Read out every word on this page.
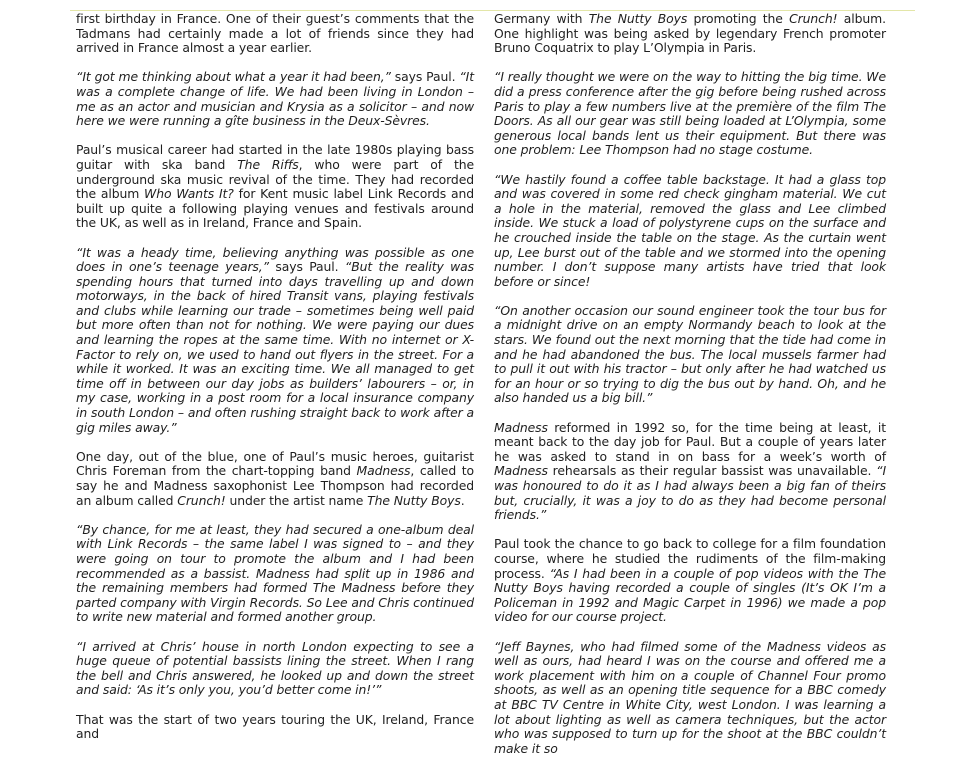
first birthday in France. One of their guest’s comments that the Tadmans had certainly made a lot of friends since they had arrived in France almost a year earlier.

“It got me thinking about what a year it had been,” says Paul. “It was a complete change of life. We had been living in London – me as an actor and musician and Krysia as a solicitor – and now here we were running a gîte business in the Deux-Sèvres.

Paul’s musical career had started in the late 1980s playing bass guitar with ska band The Riffs, who were part of the underground ska music revival of the time. They had recorded the album Who Wants It? for Kent music label Link Records and built up quite a following playing venues and festivals around the UK, as well as in Ireland, France and Spain.

“It was a heady time, believing anything was possible as one does in one’s teenage years,” says Paul. “But the reality was spending hours that turned into days travelling up and down motorways, in the back of hired Transit vans, playing festivals and clubs while learning our trade – sometimes being well paid but more often than not for nothing. We were paying our dues and learning the ropes at the same time. With no internet or X-Factor to rely on, we used to hand out flyers in the street. For a while it worked. It was an exciting time. We all managed to get time off in between our day jobs as builders’ labourers – or, in my case, working in a post room for a local insurance company in south London – and often rushing straight back to work after a gig miles away.”

One day, out of the blue, one of Paul’s music heroes, guitarist Chris Foreman from the chart-topping band Madness, called to say he and Madness saxophonist Lee Thompson had recorded an album called Crunch! under the artist name The Nutty Boys.

“By chance, for me at least, they had secured a one-album deal with Link Records – the same label I was signed to – and they were going on tour to promote the album and I had been recommended as a bassist. Madness had split up in 1986 and the remaining members had formed The Madness before they parted company with Virgin Records. So Lee and Chris continued to write new material and formed another group.

“I arrived at Chris’ house in north London expecting to see a huge queue of potential bassists lining the street. When I rang the bell and Chris answered, he looked up and down the street and said: ‘As it’s only you, you’d better come in!’”

That was the start of two years touring the UK, Ireland, France and

Germany with The Nutty Boys promoting the Crunch! album. One highlight was being asked by legendary French promoter Bruno Coquatrix to play L’Olympia in Paris.

“I really thought we were on the way to hitting the big time. We did a press conference after the gig before being rushed across Paris to play a few numbers live at the première of the film The Doors. As all our gear was still being loaded at L’Olympia, some generous local bands lent us their equipment. But there was one problem: Lee Thompson had no stage costume.

“We hastily found a coffee table backstage. It had a glass top and was covered in some red check gingham material. We cut a hole in the material, removed the glass and Lee climbed inside. We stuck a load of polystyrene cups on the surface and he crouched inside the table on the stage. As the curtain went up, Lee burst out of the table and we stormed into the opening number. I don’t suppose many artists have tried that look before or since!

“On another occasion our sound engineer took the tour bus for a midnight drive on an empty Normandy beach to look at the stars. We found out the next morning that the tide had come in and he had abandoned the bus. The local mussels farmer had to pull it out with his tractor – but only after he had watched us for an hour or so trying to dig the bus out by hand. Oh, and he also handed us a big bill.”

Madness reformed in 1992 so, for the time being at least, it meant back to the day job for Paul. But a couple of years later he was asked to stand in on bass for a week’s worth of Madness rehearsals as their regular bassist was unavailable. “I was honoured to do it as I had always been a big fan of theirs but, crucially, it was a joy to do as they had become personal friends.”

Paul took the chance to go back to college for a film foundation course, where he studied the rudiments of the film-making process. “As I had been in a couple of pop videos with the The Nutty Boys having recorded a couple of singles (It’s OK I’m a Policeman in 1992 and Magic Carpet in 1996) we made a pop video for our course project.

“Jeff Baynes, who had filmed some of the Madness videos as well as ours, had heard I was on the course and offered me a work placement with him on a couple of Channel Four promo shoots, as well as an opening title sequence for a BBC comedy at BBC TV Centre in White City, west London. I was learning a lot about lighting as well as camera techniques, but the actor who was supposed to turn up for the shoot at the BBC couldn’t make it so
